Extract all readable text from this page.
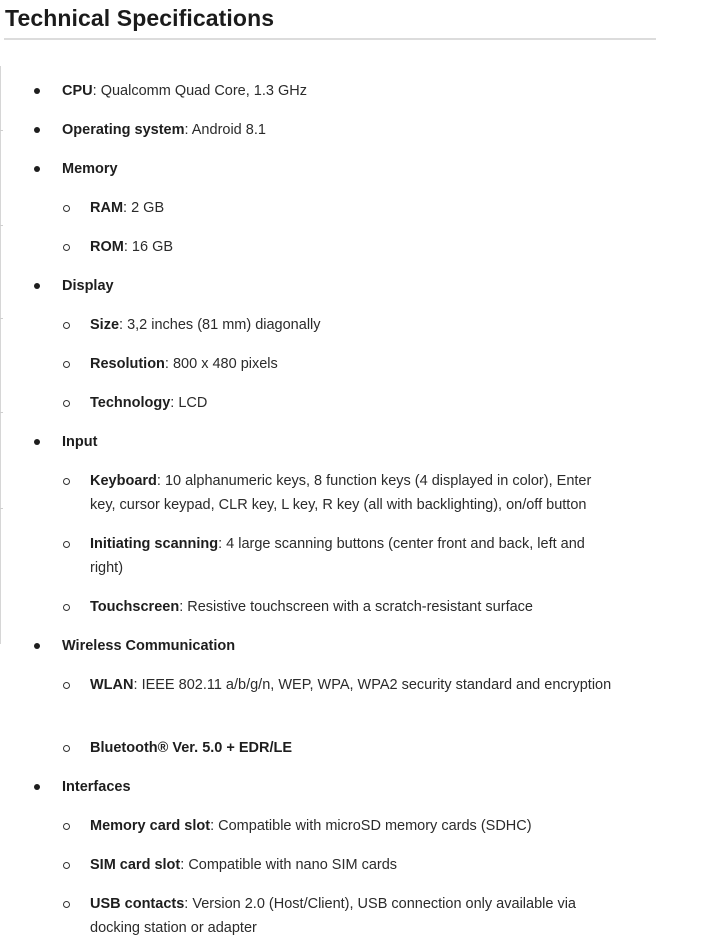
Technical Specifications
CPU: Qualcomm Quad Core, 1.3 GHz
Operating system: Android 8.1
Memory
RAM: 2 GB
ROM: 16 GB
Display
Size: 3,2 inches (81 mm) diagonally
Resolution: 800 x 480 pixels
Technology: LCD
Input
Keyboard: 10 alphanumeric keys, 8 function keys (4 displayed in color), Enter key, cursor keypad, CLR key, L key, R key (all with backlighting), on/off button
Initiating scanning: 4 large scanning buttons (center front and back, left and right)
Touchscreen: Resistive touchscreen with a scratch-resistant surface
Wireless Communication
WLAN: IEEE 802.11 a/b/g/n, WEP, WPA, WPA2 security standard and encryption
Bluetooth® Ver. 5.0 + EDR/LE
Interfaces
Memory card slot: Compatible with microSD memory cards (SDHC)
SIM card slot: Compatible with nano SIM cards
USB contacts: Version 2.0 (Host/Client), USB connection only available via docking station or adapter
